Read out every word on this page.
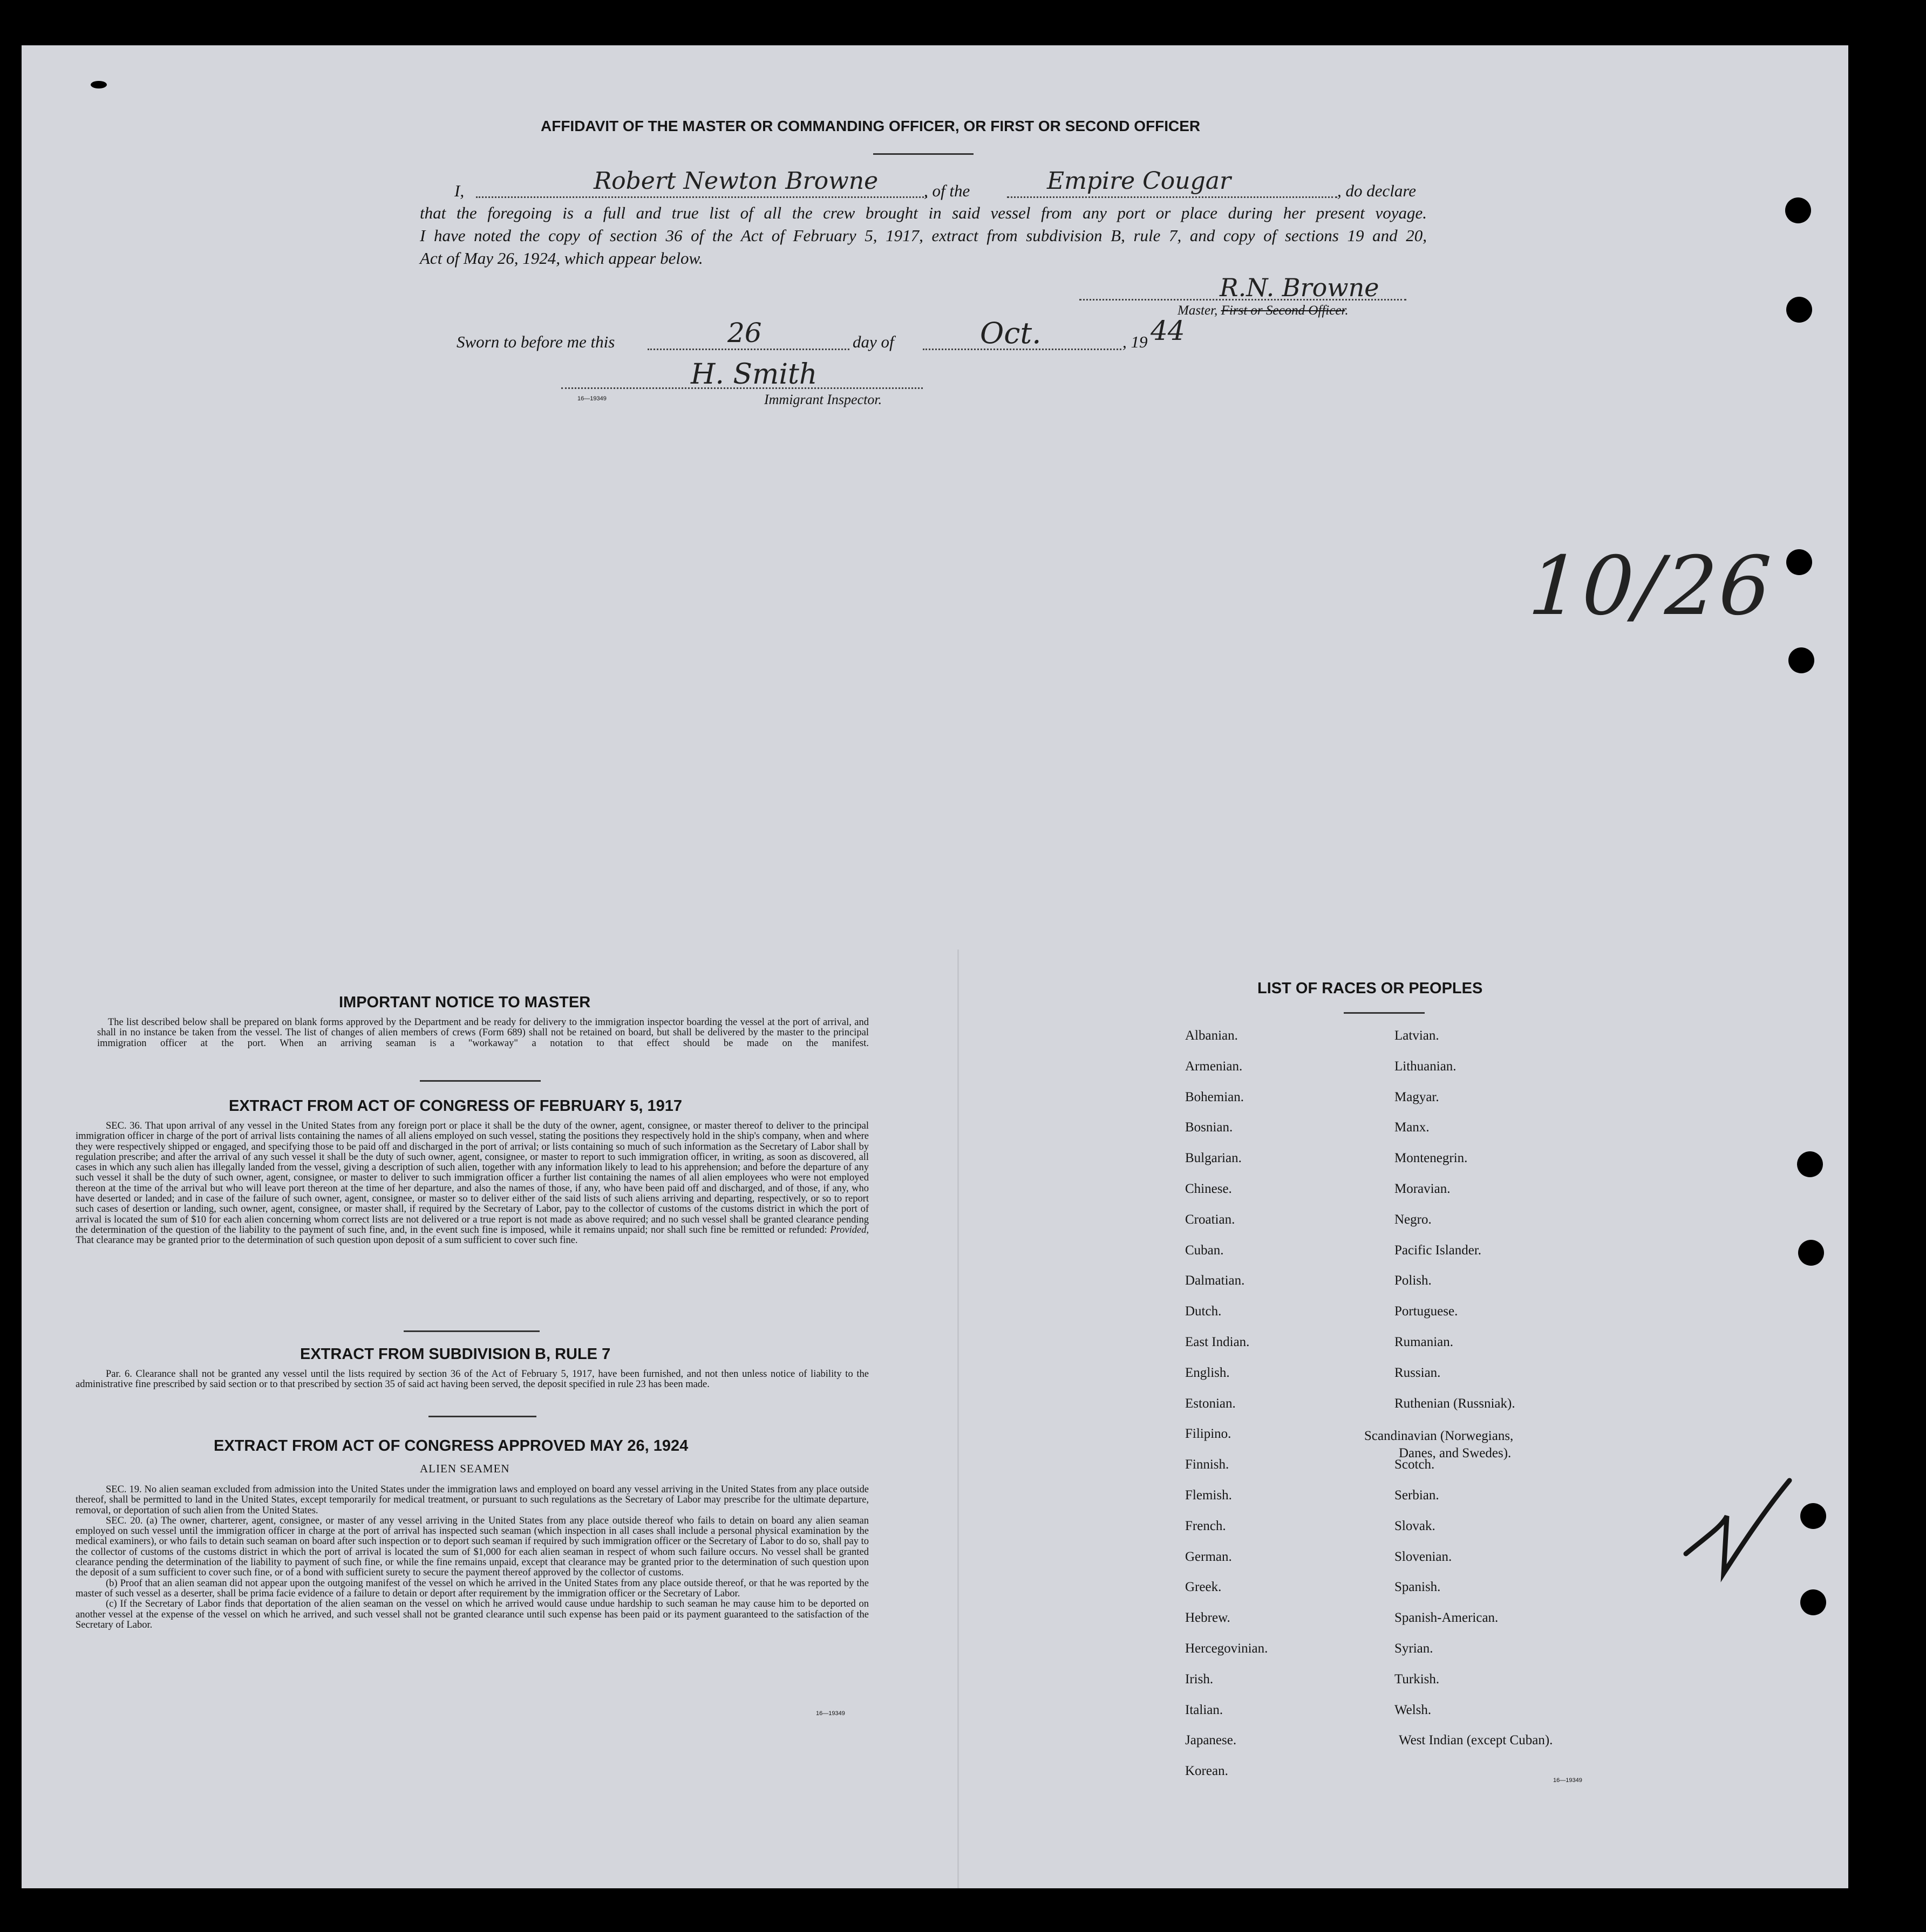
AFFIDAVIT OF THE MASTER OR COMMANDING OFFICER, OR FIRST OR SECOND OFFICER
I,	Robert Newton Browne	, of the	Empire Cougar	, do declare
that the foregoing is a full and true list of all the crew brought in said vessel from any port or place during her present voyage.
I have noted the copy of section 36 of the Act of February 5, 1917, extract from subdivision B, rule 7, and copy of sections 19 and 20,
Act of May 26, 1924, which appear below.
R.N. Browne
Master, First or Second Officer.
Sworn to before me this	26	day of	Oct.	, 19 44
H. Smith
16—19349	Immigrant Inspector.
10/26
IMPORTANT NOTICE TO MASTER

The list described below shall be prepared on blank forms approved by the Department and be ready for delivery to the immigration inspector boarding the vessel at the port of arrival, and shall in no instance be taken from the vessel. The list of changes of alien members of crews (Form 689) shall not be retained on board, but shall be delivered by the master to the principal immigration officer at the port. When an arriving seaman is a "workaway" a notation to that effect should be made on the manifest.

EXTRACT FROM ACT OF CONGRESS OF FEBRUARY 5, 1917

SEC. 36. That upon arrival of any vessel in the United States from any foreign port or place it shall be the duty of the owner, agent, consignee, or master thereof to deliver to the principal immigration officer in charge of the port of arrival lists containing the names of all aliens employed on such vessel, stating the positions they respectively hold in the ship's company, when and where they were respectively shipped or engaged, and specifying those to be paid off and discharged in the port of arrival; or lists containing so much of such information as the Secretary of Labor shall by regulation prescribe; and after the arrival of any such vessel it shall be the duty of such owner, agent, consignee, or master to report to such immigration officer, in writing, as soon as discovered, all cases in which any such alien has illegally landed from the vessel, giving a description of such alien, together with any information likely to lead to his apprehension; and before the departure of any such vessel it shall be the duty of such owner, agent, consignee, or master to deliver to such immigration officer a further list containing the names of all alien employees who were not employed thereon at the time of the arrival but who will leave port thereon at the time of her departure, and also the names of those, if any, who have been paid off and discharged, and of those, if any, who have deserted or landed; and in case of the failure of such owner, agent, consignee, or master so to deliver either of the said lists of such aliens arriving and departing, respectively, or so to report such cases of desertion or landing, such owner, agent, consignee, or master shall, if required by the Secretary of Labor, pay to the collector of customs of the customs district in which the port of arrival is located the sum of $10 for each alien concerning whom correct lists are not delivered or a true report is not made as above required; and no such vessel shall be granted clearance pending the determination of the question of the liability to the payment of such fine, and, in the event such fine is imposed, while it remains unpaid; nor shall such fine be remitted or refunded: Provided, That clearance may be granted prior to the determination of such question upon deposit of a sum sufficient to cover such fine.

EXTRACT FROM SUBDIVISION B, RULE 7

Par. 6. Clearance shall not be granted any vessel until the lists required by section 36 of the Act of February 5, 1917, have been furnished, and not then unless notice of liability to the administrative fine prescribed by said section or to that prescribed by section 35 of said act having been served, the deposit specified in rule 23 has been made.

EXTRACT FROM ACT OF CONGRESS APPROVED MAY 26, 1924
ALIEN SEAMEN

SEC. 19. No alien seaman excluded from admission into the United States under the immigration laws and employed on board any vessel arriving in the United States from any place outside thereof, shall be permitted to land in the United States, except temporarily for medical treatment, or pursuant to such regulations as the Secretary of Labor may prescribe for the ultimate departure, removal, or deportation of such alien from the United States.

SEC. 20. (a) The owner, charterer, agent, consignee, or master of any vessel arriving in the United States from any place outside thereof who fails to detain on board any alien seaman employed on such vessel until the immigration officer in charge at the port of arrival has inspected such seaman (which inspection in all cases shall include a personal physical examination by the medical examiners), or who fails to detain such seaman on board after such inspection or to deport such seaman if required by such immigration officer or the Secretary of Labor to do so, shall pay to the collector of customs of the customs district in which the port of arrival is located the sum of $1,000 for each alien seaman in respect of whom such failure occurs. No vessel shall be granted clearance pending the determination of the liability to payment of such fine, or while the fine remains unpaid, except that clearance may be granted prior to the determination of such question upon the deposit of a sum sufficient to cover such fine, or of a bond with sufficient surety to secure the payment thereof approved by the collector of customs.

(b) Proof that an alien seaman did not appear upon the outgoing manifest of the vessel on which he arrived in the United States from any place outside thereof, or that he was reported by the master of such vessel as a deserter, shall be prima facie evidence of a failure to detain or deport after requirement by the immigration officer or the Secretary of Labor.

(c) If the Secretary of Labor finds that deportation of the alien seaman on the vessel on which he arrived would cause undue hardship to such seaman he may cause him to be deported on another vessel at the expense of the vessel on which he arrived, and such vessel shall not be granted clearance until such expense has been paid or its payment guaranteed to the satisfaction of the Secretary of Labor.

16—19349
LIST OF RACES OR PEOPLES
Albanian.
Armenian.
Bohemian.
Bosnian.
Bulgarian.
Chinese.
Croatian.
Cuban.
Dalmatian.
Dutch.
East Indian.
English.
Estonian.
Filipino.
Finnish.
Flemish.
French.
German.
Greek.
Hebrew.
Hercegovinian.
Irish.
Italian.
Japanese.
Korean.
Latvian.
Lithuanian.
Magyar.
Manx.
Montenegrin.
Moravian.
Negro.
Pacific Islander.
Polish.
Portuguese.
Rumanian.
Russian.
Ruthenian (Russniak).
Scandinavian (Norwegians,
Danes, and Swedes).
Scotch.
Serbian.
Slovak.
Slovenian.
Spanish.
Spanish-American.
Syrian.
Turkish.
Welsh.
West Indian (except Cuban).
16—19349
